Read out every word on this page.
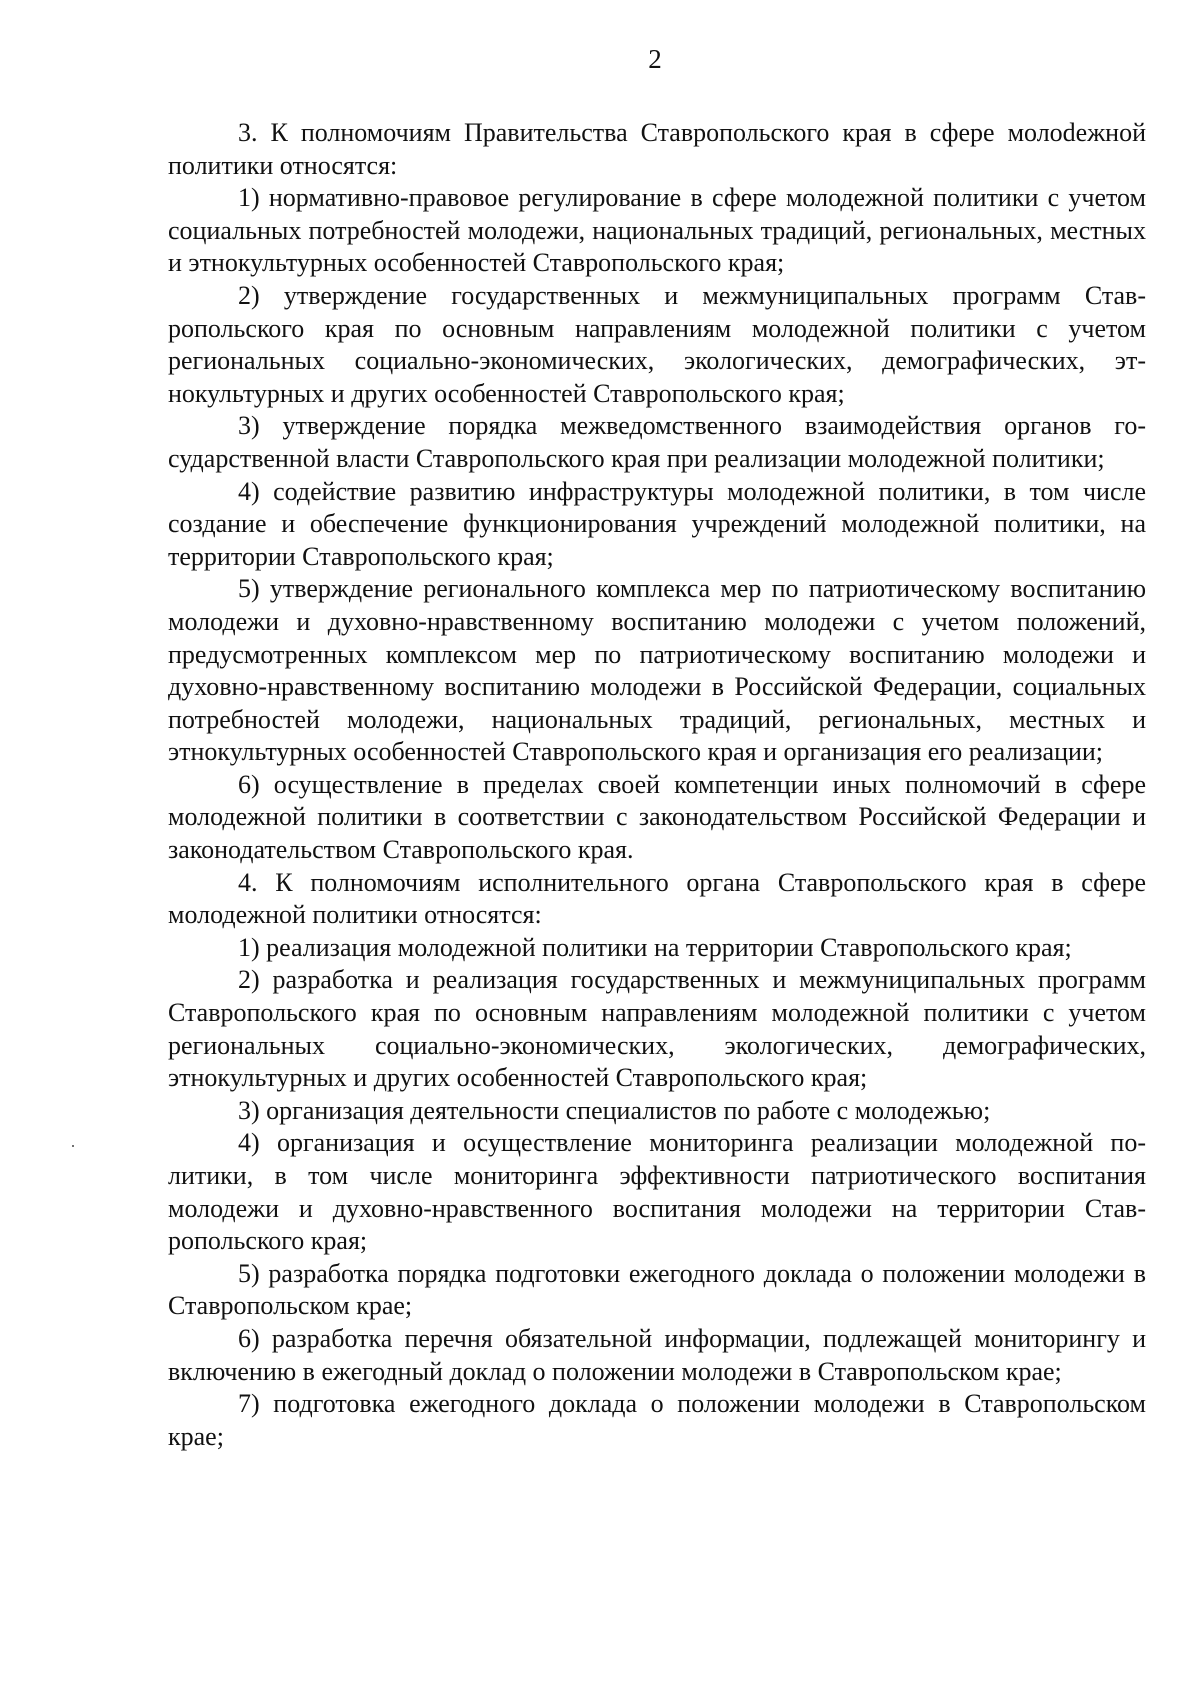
2

3. К полномочиям Правительства Ставропольского края в сфере молоdежной политики относятся:

1) нормативно-правовое регулирование в сфере молодежной политики с учетом социальных потребностей молодежи, национальных традиций, региональных, местных и этнокультурных особенностей Ставропольского края;

2) утверждение государственных и межмуниципальных программ Ставропольского края по основным направлениям молодежной политики с учетом региональных социально-экономических, экологических, демографических, этнокультурных и других особенностей Ставропольского края;

3) утверждение порядка межведомственного взаимодействия органов государственной власти Ставропольского края при реализации молодежной политики;

4) содействие развитию инфраструктуры молодежной политики, в том числе создание и обеспечение функционирования учреждений молодежной политики, на территории Ставропольского края;

5) утверждение регионального комплекса мер по патриотическому воспитанию молодежи и духовно-нравственному воспитанию молодежи с учетом положений, предусмотренных комплексом мер по патриотическому воспитанию молодежи и духовно-нравственному воспитанию молодежи в Российской Федерации, социальных потребностей молодежи, национальных традиций, региональных, местных и этнокультурных особенностей Ставропольского края и организация его реализации;

6) осуществление в пределах своей компетенции иных полномочий в сфере молодежной политики в соответствии с законодательством Российской Федерации и законодательством Ставропольского края.

4. К полномочиям исполнительного органа Ставропольского края в сфере молодежной политики относятся:

1) реализация молодежной политики на территории Ставропольского края;

2) разработка и реализация государственных и межмуниципальных программ Ставропольского края по основным направлениям молодежной политики с учетом региональных социально-экономических, экологических, демографических, этнокультурных и других особенностей Ставропольского края;

3) организация деятельности специалистов по работе с молодежью;

4) организация и осуществление мониторинга реализации молодежной политики, в том числе мониторинга эффективности патриотического воспитания молодежи и духовно-нравственного воспитания молодежи на территории Ставропольского края;

5) разработка порядка подготовки ежегодного доклада о положении молодежи в Ставропольском крае;

6) разработка перечня обязательной информации, подлежащей мониторингу и включению в ежегодный доклад о положении молодежи в Ставропольском крае;

7) подготовка ежегодного доклада о положении молодежи в Ставропольском крае;
